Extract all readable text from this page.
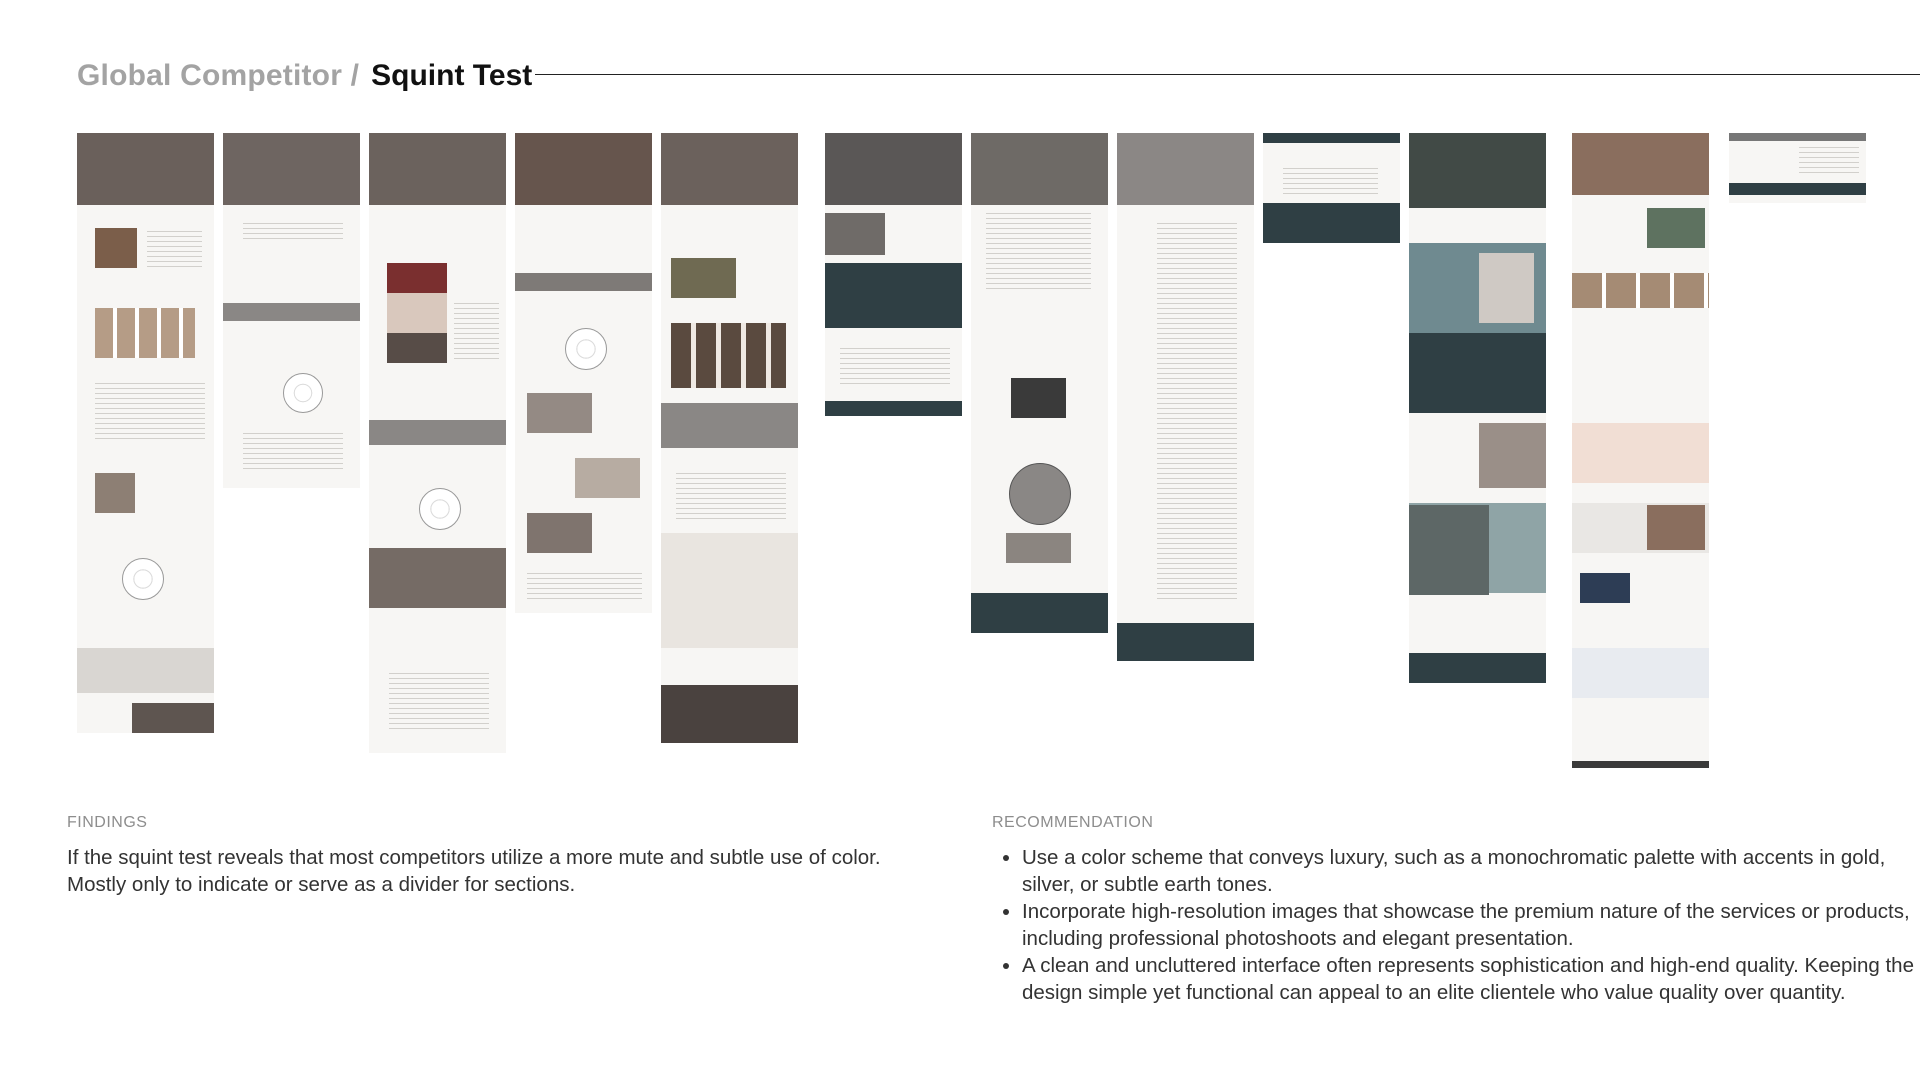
Global Competitor / Squint Test
FINDINGS
If the squint test reveals that most competitors utilize a more mute and subtle use of color. Mostly only to indicate or serve as a divider for sections.
RECOMMENDATION
• Use a color scheme that conveys luxury, such as a monochromatic palette with accents in gold, silver, or subtle earth tones.
• Incorporate high-resolution images that showcase the premium nature of the services or products, including professional photoshoots and elegant presentation.
• A clean and uncluttered interface often represents sophistication and high-end quality. Keeping the design simple yet functional can appeal to an elite clientele who value quality over quantity.
